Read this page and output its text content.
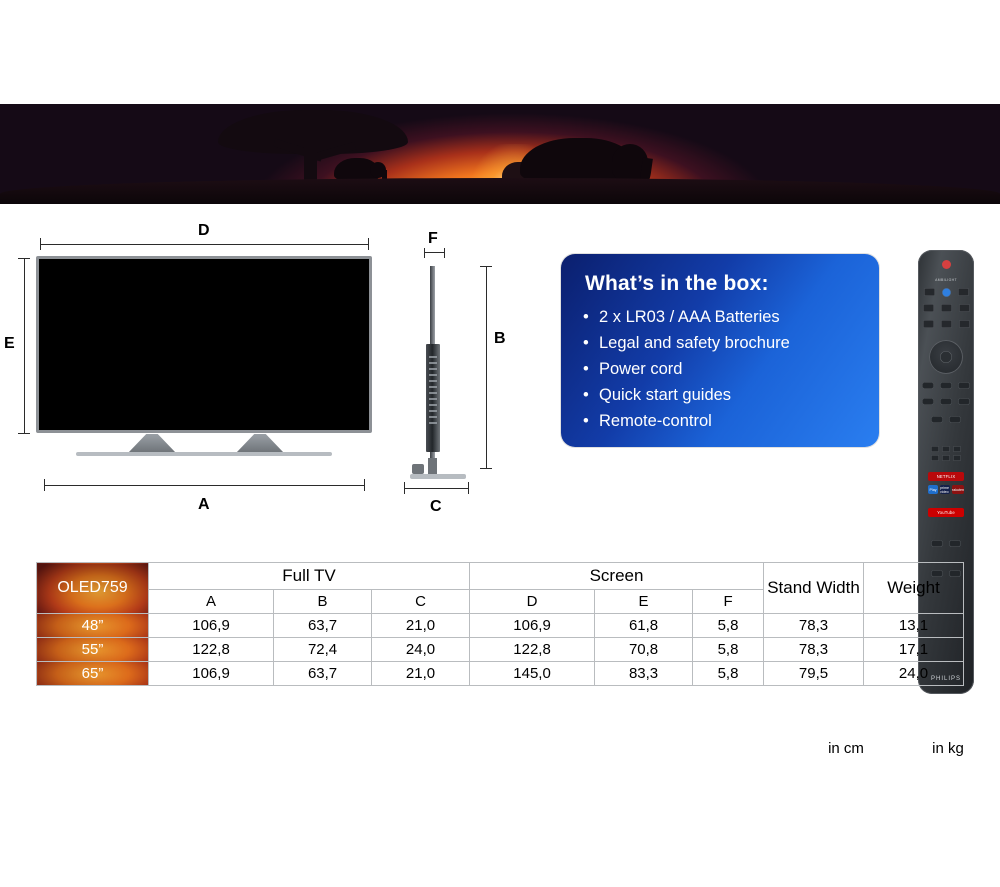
D
A
E
F
B
C
What’s in the box:
• 2 x LR03 / AAA Batteries
• Legal and safety brochure
• Power cord
• Quick start guides
• Remote-control
AMBILIGHT
NETFLIX
Play prime video rakuten
YouTube
PHILIPS
OLED759	Full TV			Screen			Stand Width	Weight
	A	B	C	D	E	F		
48”	106,9	63,7	21,0	106,9	61,8	5,8	78,3	13,1
55”	122,8	72,4	24,0	122,8	70,8	5,8	78,3	17,1
65”	106,9	63,7	21,0	145,0	83,3	5,8	79,5	24,0
in cm	in kg
